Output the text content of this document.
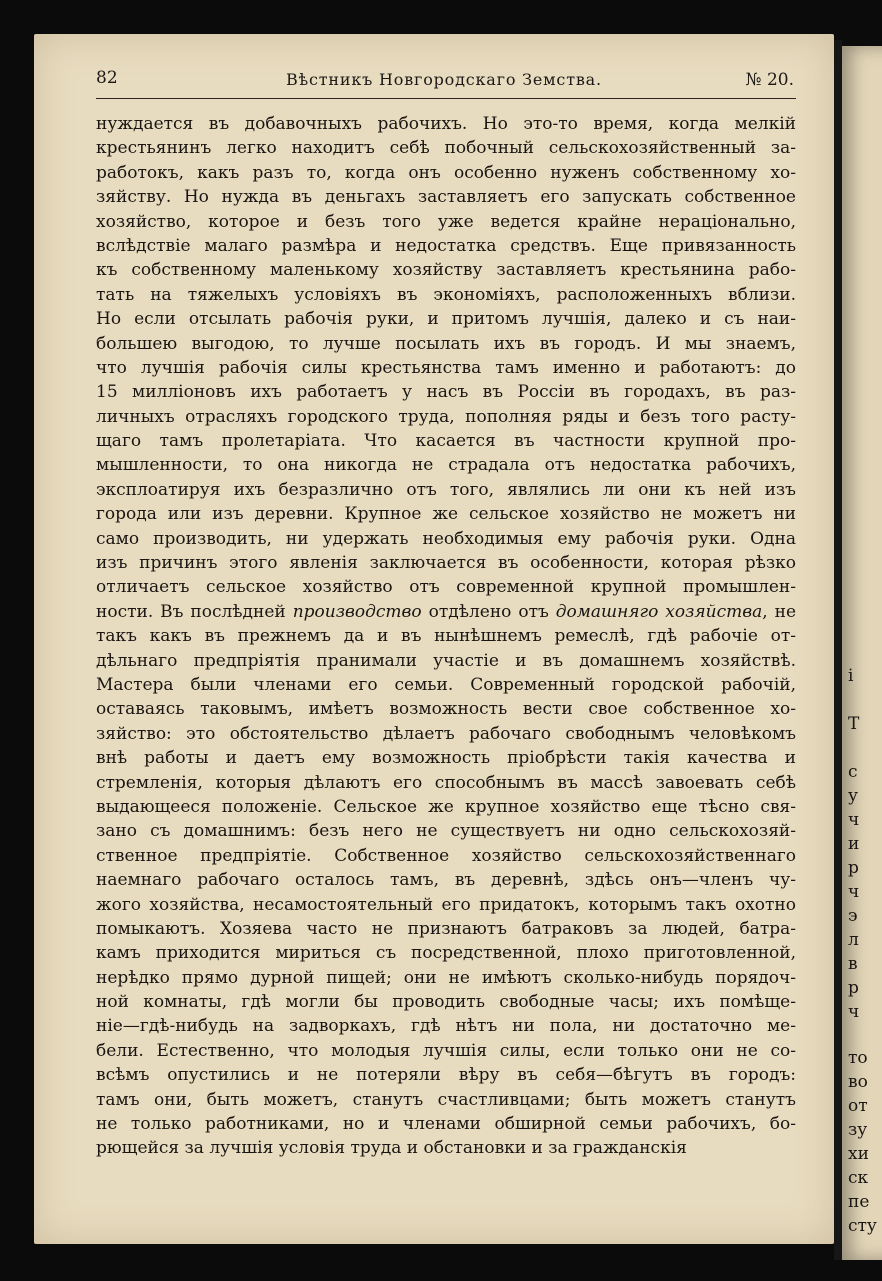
і
Т
с
у
ч
и
р
ч
э
л
в
р
ч
то
во
от
зу
хи
ск
пе
сту
82	Вѣстникъ Новгородскаго Земства.	№ 20.
нуждается въ добавочныхъ рабочихъ. Но это-то время, когда мелкій
крестьянинъ легко находитъ себѣ побочный сельскохозяйственный за-
работокъ, какъ разъ то, когда онъ особенно нуженъ собственному хо-
зяйству. Но нужда въ деньгахъ заставляетъ его запускать собственное
хозяйство, которое и безъ того уже ведется крайне нераціонально,
вслѣдствіе малаго размѣра и недостатка средствъ. Еще привязанность
къ собственному маленькому хозяйству заставляетъ крестьянина рабо-
тать на тяжелыхъ условіяхъ въ экономіяхъ, расположенныхъ вблизи.
Но если отсылать рабочія руки, и притомъ лучшія, далеко и съ наи-
большею выгодою, то лучше посылать ихъ въ городъ. И мы знаемъ,
что лучшія рабочія силы крестьянства тамъ именно и работаютъ: до
15 милліоновъ ихъ работаетъ у насъ въ Россіи въ городахъ, въ раз-
личныхъ отрасляхъ городского труда, пополняя ряды и безъ того расту-
щаго тамъ пролетаріата. Что касается въ частности крупной про-
мышленности, то она никогда не страдала отъ недостатка рабочихъ,
эксплоатируя ихъ безразлично отъ того, являлись ли они къ ней изъ
города или изъ деревни. Крупное же сельское хозяйство не можетъ ни
само производить, ни удержать необходимыя ему рабочія руки. Одна
изъ причинъ этого явленія заключается въ особенности, которая рѣзко
отличаетъ сельское хозяйство отъ современной крупной промышлен-
ности. Въ послѣдней производство отдѣлено отъ домашняго хозяйства, не
такъ какъ въ прежнемъ да и въ нынѣшнемъ ремеслѣ, гдѣ рабочіе от-
дѣльнаго предпріятія пранимали участіе и въ домашнемъ хозяйствѣ.
Мастера были членами его семьи. Современный городской рабочій,
оставаясь таковымъ, имѣетъ возможность вести свое собственное хо-
зяйство: это обстоятельство дѣлаетъ рабочаго свободнымъ человѣкомъ
внѣ работы и даетъ ему возможность пріобрѣсти такія качества и
стремленія, которыя дѣлаютъ его способнымъ въ массѣ завоевать себѣ
выдающееся положеніе. Сельское же крупное хозяйство еще тѣсно свя-
зано съ домашнимъ: безъ него не существуетъ ни одно сельскохозяй-
ственное предпріятіе. Собственное хозяйство сельскохозяйственнаго
наемнаго рабочаго осталось тамъ, въ деревнѣ, здѣсь онъ—членъ чу-
жого хозяйства, несамостоятельный его придатокъ, которымъ такъ охотно
помыкаютъ. Хозяева часто не признаютъ батраковъ за людей, батра-
камъ приходится мириться съ посредственной, плохо приготовленной,
нерѣдко прямо дурной пищей; они не имѣютъ сколько-нибудь порядоч-
ной комнаты, гдѣ могли бы проводить свободные часы; ихъ помѣще-
ніе—гдѣ-нибудь на задворкахъ, гдѣ нѣтъ ни пола, ни достаточно ме-
бели. Естественно, что молодыя лучшія силы, если только они не со-
всѣмъ опустились и не потеряли вѣру въ себя—бѣгутъ въ городъ:
тамъ они, быть можетъ, станутъ счастливцами; быть можетъ станутъ
не только работниками, но и членами обширной семьи рабочихъ, бо-
рющейся за лучшія условія труда и обстановки и за гражданскія
